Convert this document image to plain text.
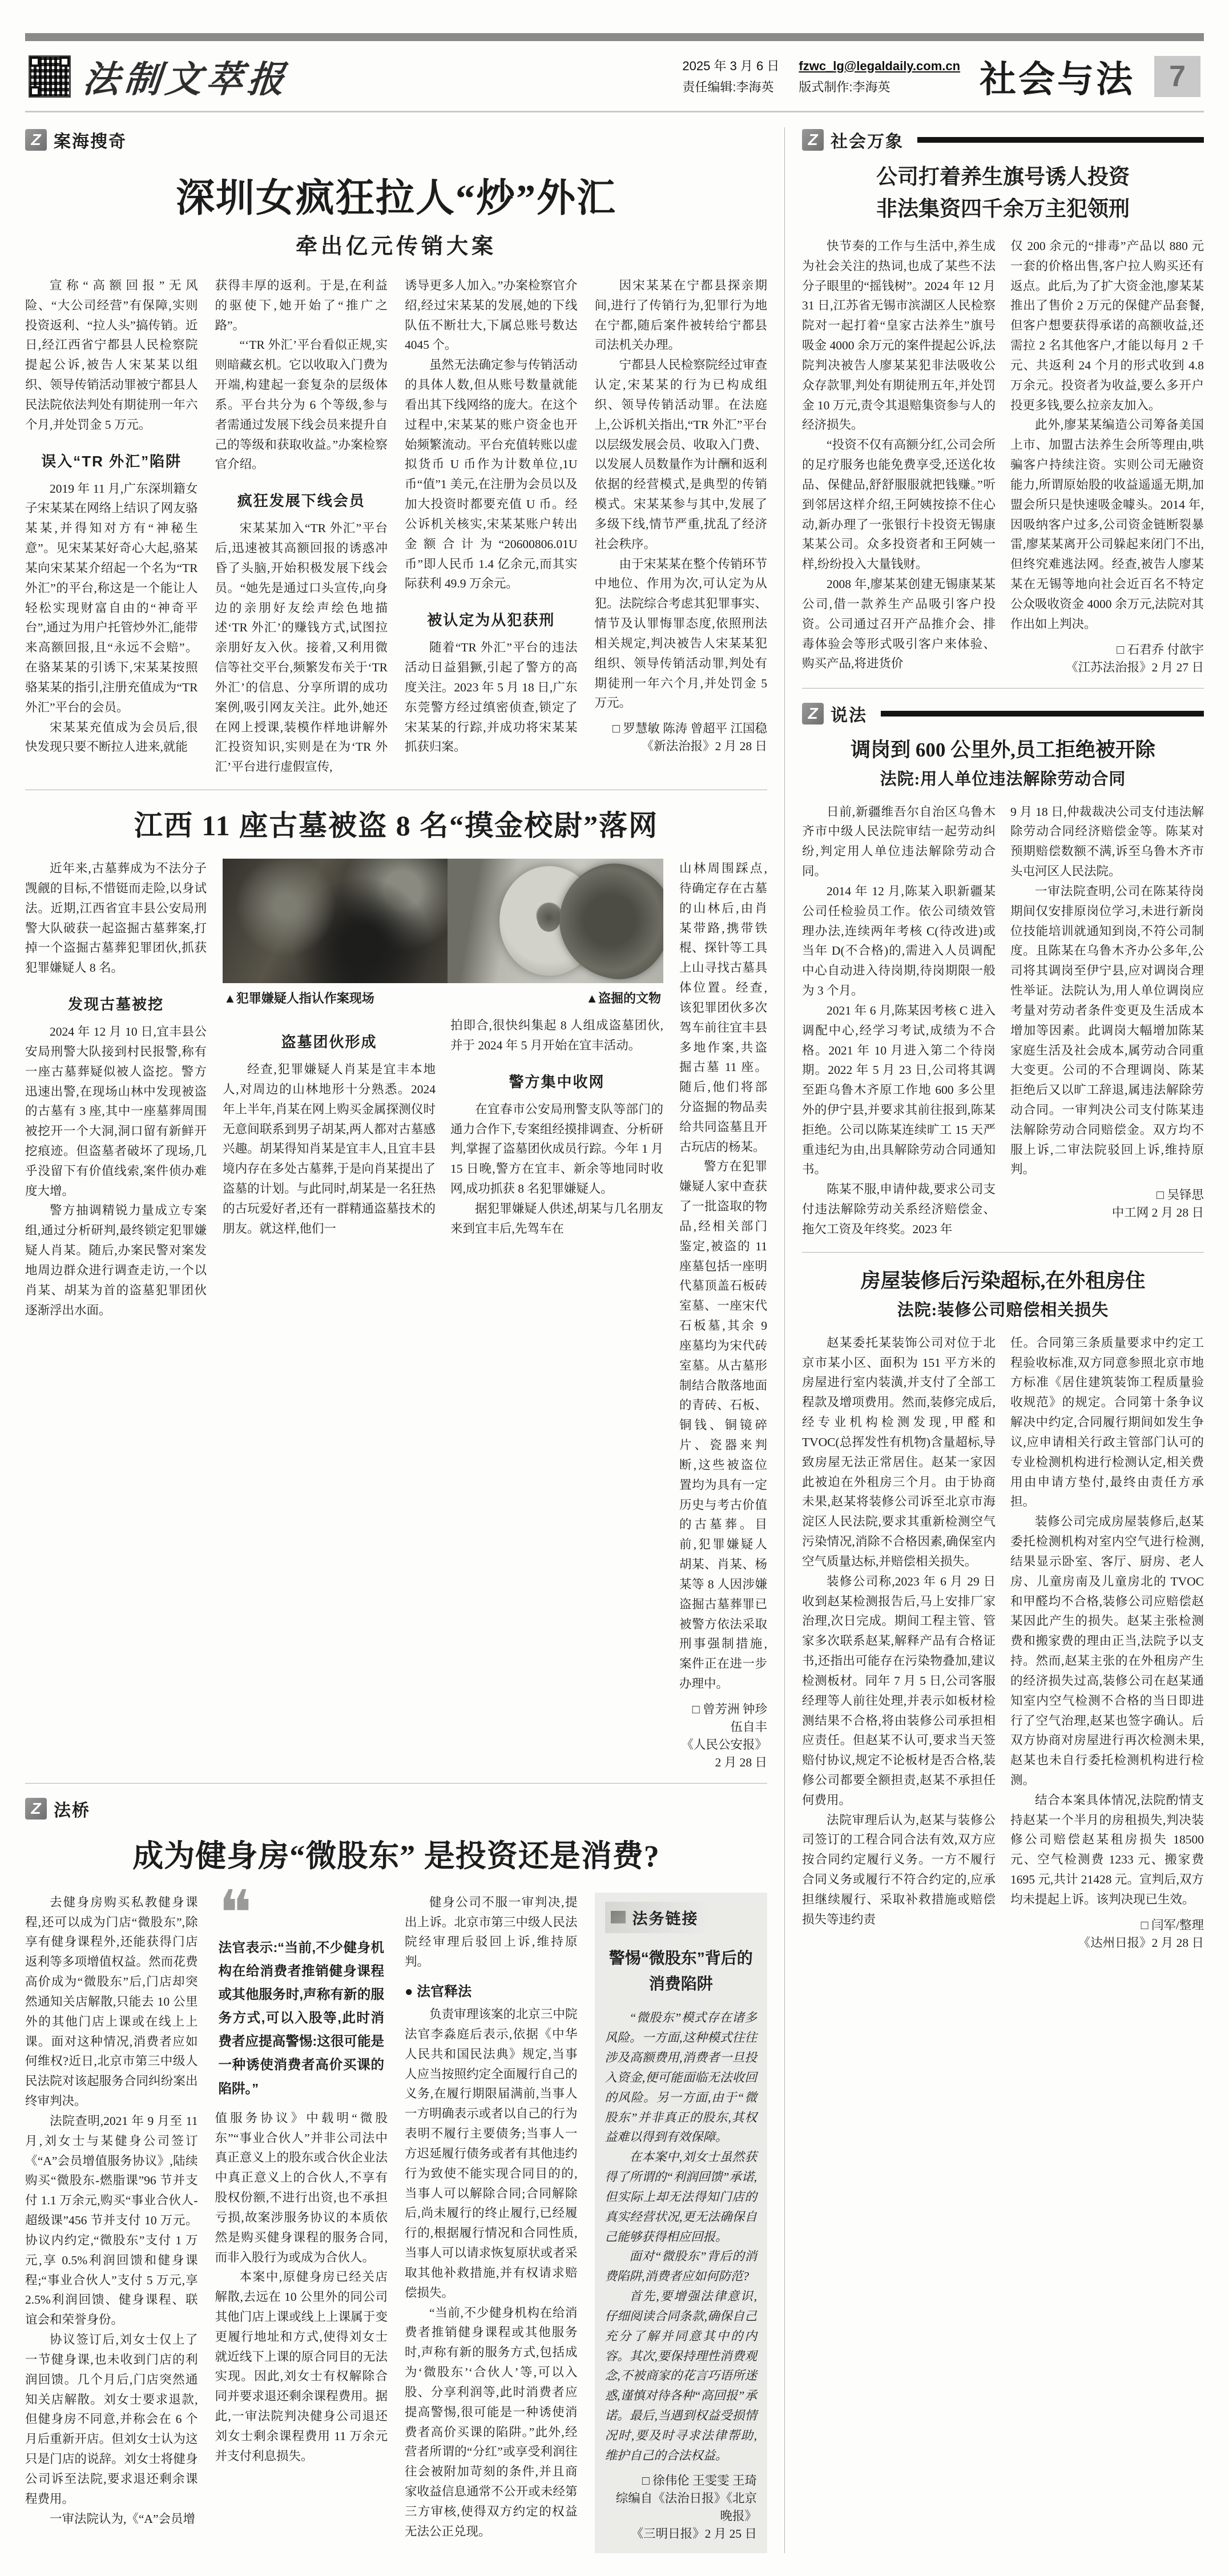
法制文萃报	2025 年 3 月 6 日
责任编辑:李海英
fzwc_lg@legaldaily.com.cn
版式制作:李海英	社会与法	7
Z 案海搜奇
深圳女疯狂拉人“炒”外汇
牵出亿元传销大案

宣称“高额回报”无风险、“大公司经营”有保障,实则投资返利、“拉人头”搞传销。近日,经江西省宁都县人民检察院提起公诉,被告人宋某某以组织、领导传销活动罪被宁都县人民法院依法判处有期徒刑一年六个月,并处罚金 5 万元。

误入“TR 外汇”陷阱

2019 年 11 月,广东深圳籍女子宋某某在网络上结识了网友骆某某,并得知对方有“神秘生意”。见宋某某好奇心大起,骆某某向宋某某介绍起一个名为“TR 外汇”的平台,称这是一个能让人轻松实现财富自由的“神奇平台”,通过为用户托管炒外汇,能带来高额回报,且“永远不会赔”。在骆某某的引诱下,宋某某按照骆某某的指引,注册充值成为“TR 外汇”平台的会员。

宋某某充值成为会员后,很快发现只要不断拉人进来,就能

获得丰厚的返利。于是,在利益的驱使下,她开始了“推广之路”。

“‘TR 外汇’平台看似正规,实则暗藏玄机。它以收取入门费为开端,构建起一套复杂的层级体系。平台共分为 6 个等级,参与者需通过发展下线会员来提升自己的等级和获取收益。”办案检察官介绍。

疯狂发展下线会员

宋某某加入“TR 外汇”平台后,迅速被其高额回报的诱惑冲昏了头脑,开始积极发展下线会员。“她先是通过口头宣传,向身边的亲朋好友绘声绘色地描述‘TR 外汇’的赚钱方式,试图拉亲朋好友入伙。接着,又利用微信等社交平台,频繁发布关于‘TR 外汇’的信息、分享所谓的成功案例,吸引网友关注。此外,她还在网上授课,装模作样地讲解外汇投资知识,实则是在为‘TR 外汇’平台进行虚假宣传,

诱导更多人加入。”办案检察官介绍,经过宋某某的发展,她的下线队伍不断壮大,下属总账号数达 4045 个。

虽然无法确定参与传销活动的具体人数,但从账号数量就能看出其下线网络的庞大。在这个过程中,宋某某的账户资金也开始频繁流动。平台充值转账以虚拟货币 U 币作为计数单位,1U 币“值”1 美元,在注册为会员以及加大投资时都要充值 U 币。经公诉机关核实,宋某某账户转出金额合计为“20600806.01U 币”即人民币 1.4 亿余元,而其实际获利 49.9 万余元。

被认定为从犯获刑

随着“TR 外汇”平台的违法活动日益猖獗,引起了警方的高度关注。2023 年 5 月 18 日,广东东莞警方经过缜密侦查,锁定了宋某某的行踪,并成功将宋某某抓获归案。

因宋某某在宁都县探亲期间,进行了传销行为,犯罪行为地在宁都,随后案件被转给宁都县司法机关办理。

宁都县人民检察院经过审查认定,宋某某的行为已构成组织、领导传销活动罪。在法庭上,公诉机关指出,“TR 外汇”平台以层级发展会员、收取入门费、以发展人员数量作为计酬和返利依据的经营模式,是典型的传销模式。宋某某参与其中,发展了多级下线,情节严重,扰乱了经济社会秩序。

由于宋某某在整个传销环节中地位、作用为次,可认定为从犯。法院综合考虑其犯罪事实、情节及认罪悔罪态度,依照刑法相关规定,判决被告人宋某某犯组织、领导传销活动罪,判处有期徒刑一年六个月,并处罚金 5 万元。

□ 罗慧敏 陈涛 曾超平 江国稳

《新法治报》2 月 28 日

江西 11 座古墓被盗 8 名“摸金校尉”落网

近年来,古墓葬成为不法分子觊觎的目标,不惜铤而走险,以身试法。近期,江西省宜丰县公安局刑警大队破获一起盗掘古墓葬案,打掉一个盗掘古墓葬犯罪团伙,抓获犯罪嫌疑人 8 名。

发现古墓被挖

2024 年 12 月 10 日,宜丰县公安局刑警大队接到村民报警,称有一座古墓葬疑似被人盗挖。警方迅速出警,在现场山林中发现被盗的古墓有 3 座,其中一座墓葬周围被挖开一个大洞,洞口留有新鲜开挖痕迹。但盗墓者破坏了现场,几乎没留下有价值线索,案件侦办难度大增。

警方抽调精锐力量成立专案组,通过分析研判,最终锁定犯罪嫌疑人肖某。随后,办案民警对案发地周边群众进行调查走访,一个以肖某、胡某为首的盗墓犯罪团伙逐渐浮出水面。

▲犯罪嫌疑人指认作案现场	▲盗掘的文物
盗墓团伙形成

经查,犯罪嫌疑人肖某是宜丰本地人,对周边的山林地形十分熟悉。2024 年上半年,肖某在网上购买金属探测仪时无意间联系到男子胡某,两人都对古墓感兴趣。胡某得知肖某是宜丰人,且宜丰县境内存在多处古墓葬,于是向肖某提出了盗墓的计划。与此同时,胡某是一名狂热的古玩爱好者,还有一群精通盗墓技术的朋友。就这样,他们一

拍即合,很快纠集起 8 人组成盗墓团伙,并于 2024 年 5 月开始在宜丰活动。

警方集中收网

在宜春市公安局刑警支队等部门的通力合作下,专案组经摸排调查、分析研判,掌握了盗墓团伙成员行踪。今年 1 月 15 日晚,警方在宜丰、新余等地同时收网,成功抓获 8 名犯罪嫌疑人。

据犯罪嫌疑人供述,胡某与几名朋友来到宜丰后,先驾车在

山林周围踩点,待确定存在古墓的山林后,由肖某带路,携带铁棍、探针等工具上山寻找古墓具体位置。经查,该犯罪团伙多次驾车前往宜丰县多地作案,共盗掘古墓 11 座。随后,他们将部分盗掘的物品卖给共同盗墓且开古玩店的杨某。

警方在犯罪嫌疑人家中查获了一批盗取的物品,经相关部门鉴定,被盗的 11 座墓包括一座明代墓顶盖石板砖室墓、一座宋代石板墓,其余 9 座墓均为宋代砖室墓。从古墓形制结合散落地面的青砖、石板、铜钱、铜镜碎片、瓷器来判断,这些被盗位置均为具有一定历史与考古价值的古墓葬。目前,犯罪嫌疑人胡某、肖某、杨某等 8 人因涉嫌盗掘古墓葬罪已被警方依法采取刑事强制措施,案件正在进一步办理中。

□ 曾芳洲 钟珍 伍自丰

《人民公安报》2 月 28 日

Z 法桥
成为健身房“微股东” 是投资还是消费?

去健身房购买私教健身课程,还可以成为门店“微股东”,除享有健身课程外,还能获得门店返利等多项增值权益。然而花费高价成为“微股东”后,门店却突然通知关店解散,只能去 10 公里外的其他门店上课或在线上上课。面对这种情况,消费者应如何维权?近日,北京市第三中级人民法院对该起服务合同纠纷案出终审判决。

法院查明,2021 年 9 月至 11 月,刘女士与某健身公司签订《“A”会员增值服务协议》,陆续购买“微股东-燃脂课”96 节并支付 1.1 万余元,购买“事业合伙人-超级课”456 节并支付 10 万元。协议内约定,“微股东”支付 1 万元,享 0.5%利润回馈和健身课程;“事业合伙人”支付 5 万元,享 2.5%利润回馈、健身课程、联谊会和荣誉身份。

协议签订后,刘女士仅上了一节健身课,也未收到门店的利润回馈。几个月后,门店突然通知关店解散。刘女士要求退款,但健身房不同意,并称会在 6 个月后重新开店。但刘女士认为这只是门店的说辞。刘女士将健身公司诉至法院,要求退还剩余课程费用。

一审法院认为,《“A”会员增

❝

法官表示:“当前,不少健身机构在给消费者推销健身课程或其他服务时,声称有新的服务方式,可以入股等,此时消费者应提高警惕:这很可能是一种诱使消费者高价买课的陷阱。”

值服务协议》中载明“微股东”“事业合伙人”并非公司法中真正意义上的股东或合伙企业法中真正意义上的合伙人,不享有股权份额,不进行出资,也不承担亏损,故案涉服务协议的本质依然是购买健身课程的服务合同,而非入股行为或成为合伙人。

本案中,原健身房已经关店解散,去远在 10 公里外的同公司其他门店上课或线上上课属于变更履行地址和方式,使得刘女士就近线下上课的原合同目的无法实现。因此,刘女士有权解除合同并要求退还剩余课程费用。据此,一审法院判决健身公司退还刘女士剩余课程费用 11 万余元并支付利息损失。

健身公司不服一审判决,提出上诉。北京市第三中级人民法院经审理后驳回上诉,维持原判。

● 法官释法

负责审理该案的北京三中院法官李淼庭后表示,依据《中华人民共和国民法典》规定,当事人应当按照约定全面履行自己的义务,在履行期限届满前,当事人一方明确表示或者以自己的行为表明不履行主要债务;当事人一方迟延履行债务或者有其他违约行为致使不能实现合同目的的,当事人可以解除合同;合同解除后,尚未履行的终止履行,已经履行的,根据履行情况和合同性质,当事人可以请求恢复原状或者采取其他补救措施,并有权请求赔偿损失。

“当前,不少健身机构在给消费者推销健身课程或其他服务时,声称有新的服务方式,包括成为‘微股东’‘合伙人’等,可以入股、分享利润等,此时消费者应提高警惕,很可能是一种诱使消费者高价买课的陷阱。”此外,经营者所谓的“分红”或享受利润往往会被附加苛刻的条件,并且商家收益信息通常不公开或未经第三方审核,使得双方约定的权益无法公正兑现。

法务链接
警惕“微股东”背后的消费陷阱

“微股东”模式存在诸多风险。一方面,这种模式往往涉及高额费用,消费者一旦投入资金,便可能面临无法收回的风险。另一方面,由于“微股东”并非真正的股东,其权益难以得到有效保障。

在本案中,刘女士虽然获得了所谓的“利润回馈”承诺,但实际上却无法得知门店的真实经营状况,更无法确保自己能够获得相应回报。

面对“微股东”背后的消费陷阱,消费者应如何防范?

首先,要增强法律意识,仔细阅读合同条款,确保自己充分了解并同意其中的内容。其次,要保持理性消费观念,不被商家的花言巧语所迷惑,谨慎对待各种“高回报”承诺。最后,当遇到权益受损情况时,要及时寻求法律帮助,维护自己的合法权益。

□ 徐伟伦 王雯雯 王琦

综编自《法治日报》《北京晚报》

《三明日报》2 月 25 日

Z 社会万象
公司打着养生旗号诱人投资
非法集资四千余万主犯领刑

快节奏的工作与生活中,养生成为社会关注的热词,也成了某些不法分子眼里的“摇钱树”。2024 年 12 月 31 日,江苏省无锡市滨湖区人民检察院对一起打着“皇家古法养生”旗号吸金 4000 余万元的案件提起公诉,法院判决被告人廖某某犯非法吸收公众存款罪,判处有期徒刑五年,并处罚金 10 万元,责令其退赔集资参与人的经济损失。

“投资不仅有高额分红,公司会所的足疗服务也能免费享受,还送化妆品、保健品,舒舒服服就把钱赚。”听到邻居这样介绍,王阿姨按捺不住心动,新办理了一张银行卡投资无锡康某某公司。众多投资者和王阿姨一样,纷纷投入大量钱财。

2008 年,廖某某创建无锡康某某公司,借一款养生产品吸引客户投资。公司通过召开产品推介会、排毒体验会等形式吸引客户来体验、购买产品,将进货价

仅 200 余元的“排毒”产品以 880 元一套的价格出售,客户拉人购买还有返点。此后,为了扩大资金池,廖某某推出了售价 2 万元的保健产品套餐,但客户想要获得承诺的高额收益,还需拉 2 名其他客户,才能以每月 2 千元、共返利 24 个月的形式收到 4.8 万余元。投资者为收益,要么多开户投更多钱,要么拉亲友加入。

此外,廖某某编造公司筹备美国上市、加盟古法养生会所等理由,哄骗客户持续注资。实则公司无融资能力,所谓原始股的收益遥遥无期,加盟会所只是快速吸金噱头。2014 年,因吸纳客户过多,公司资金链断裂暴雷,廖某某离开公司躲起来闭门不出,但终究难逃法网。经查,被告人廖某某在无锡等地向社会近百名不特定公众吸收资金 4000 余万元,法院对其作出如上判决。

□ 石君乔 付歆宇

《江苏法治报》2 月 27 日

Z 说法
调岗到 600 公里外,员工拒绝被开除
法院:用人单位违法解除劳动合同

日前,新疆维吾尔自治区乌鲁木齐市中级人民法院审结一起劳动纠纷,判定用人单位违法解除劳动合同。

2014 年 12 月,陈某入职新疆某公司任检验员工作。依公司绩效管理办法,连续两年考核 C(待改进)或当年 D(不合格)的,需进入人员调配中心自动进入待岗期,待岗期限一般为 3 个月。

2021 年 6 月,陈某因考核 C 进入调配中心,经学习考试,成绩为不合格。2021 年 10 月进入第二个待岗期。2022 年 5 月 23 日,公司将其调至距乌鲁木齐原工作地 600 多公里外的伊宁县,并要求其前往报到,陈某拒绝。公司以陈某连续旷工 15 天严重违纪为由,出具解除劳动合同通知书。

陈某不服,申请仲裁,要求公司支付违法解除劳动关系经济赔偿金、拖欠工资及年终奖。2023 年

9 月 18 日,仲裁裁决公司支付违法解除劳动合同经济赔偿金等。陈某对预期赔偿数额不满,诉至乌鲁木齐市头屯河区人民法院。

一审法院查明,公司在陈某待岗期间仅安排原岗位学习,未进行新岗位技能培训就通知到岗,不符公司制度。且陈某在乌鲁木齐办公多年,公司将其调岗至伊宁县,应对调岗合理性举证。法院认为,用人单位调岗应考量对劳动者条件变更及生活成本增加等因素。此调岗大幅增加陈某家庭生活及社会成本,属劳动合同重大变更。公司的不合理调岗、陈某拒绝后又以旷工辞退,属违法解除劳动合同。一审判决公司支付陈某违法解除劳动合同赔偿金。双方均不服上诉,二审法院驳回上诉,维持原判。

□ 吴铎思

中工网 2 月 28 日

房屋装修后污染超标,在外租房住
法院:装修公司赔偿相关损失

赵某委托某装饰公司对位于北京市某小区、面积为 151 平方米的房屋进行室内装潢,并支付了全部工程款及增项费用。然而,装修完成后,经专业机构检测发现,甲醛和 TVOC(总挥发性有机物)含量超标,导致房屋无法正常居住。赵某一家因此被迫在外租房三个月。由于协商未果,赵某将装修公司诉至北京市海淀区人民法院,要求其重新检测空气污染情况,消除不合格因素,确保室内空气质量达标,并赔偿相关损失。

装修公司称,2023 年 6 月 29 日收到赵某检测报告后,马上安排厂家治理,次日完成。期间工程主管、管家多次联系赵某,解释产品有合格证书,还指出可能存在污染物叠加,建议检测板材。同年 7 月 5 日,公司客服经理等人前往处理,并表示如板材检测结果不合格,将由装修公司承担相应责任。但赵某不认可,要求当天签赔付协议,规定不论板材是否合格,装修公司都要全额担责,赵某不承担任何费用。

法院审理后认为,赵某与装修公司签订的工程合同合法有效,双方应按合同约定履行义务。一方不履行合同义务或履行不符合约定的,应承担继续履行、采取补救措施或赔偿损失等违约责

任。合同第三条质量要求中约定工程验收标准,双方同意参照北京市地方标准《居住建筑装饰工程质量验收规范》的规定。合同第十条争议解决中约定,合同履行期间如发生争议,应申请相关行政主管部门认可的专业检测机构进行检测认定,相关费用由申请方垫付,最终由责任方承担。

装修公司完成房屋装修后,赵某委托检测机构对室内空气进行检测,结果显示卧室、客厅、厨房、老人房、儿童房南及儿童房北的 TVOC 和甲醛均不合格,装修公司应赔偿赵某因此产生的损失。赵某主张检测费和搬家费的理由正当,法院予以支持。然而,赵某主张的在外租房产生的经济损失过高,装修公司在赵某通知室内空气检测不合格的当日即进行了空气治理,赵某也签字确认。后双方协商对房屋进行再次检测未果,赵某也未自行委托检测机构进行检测。

结合本案具体情况,法院酌情支持赵某一个半月的房租损失,判决装修公司赔偿赵某租房损失 18500 元、空气检测费 1233 元、搬家费 1695 元,共计 21428 元。宣判后,双方均未提起上诉。该判决现已生效。

□ 闫军/整理

《达州日报》2 月 28 日
